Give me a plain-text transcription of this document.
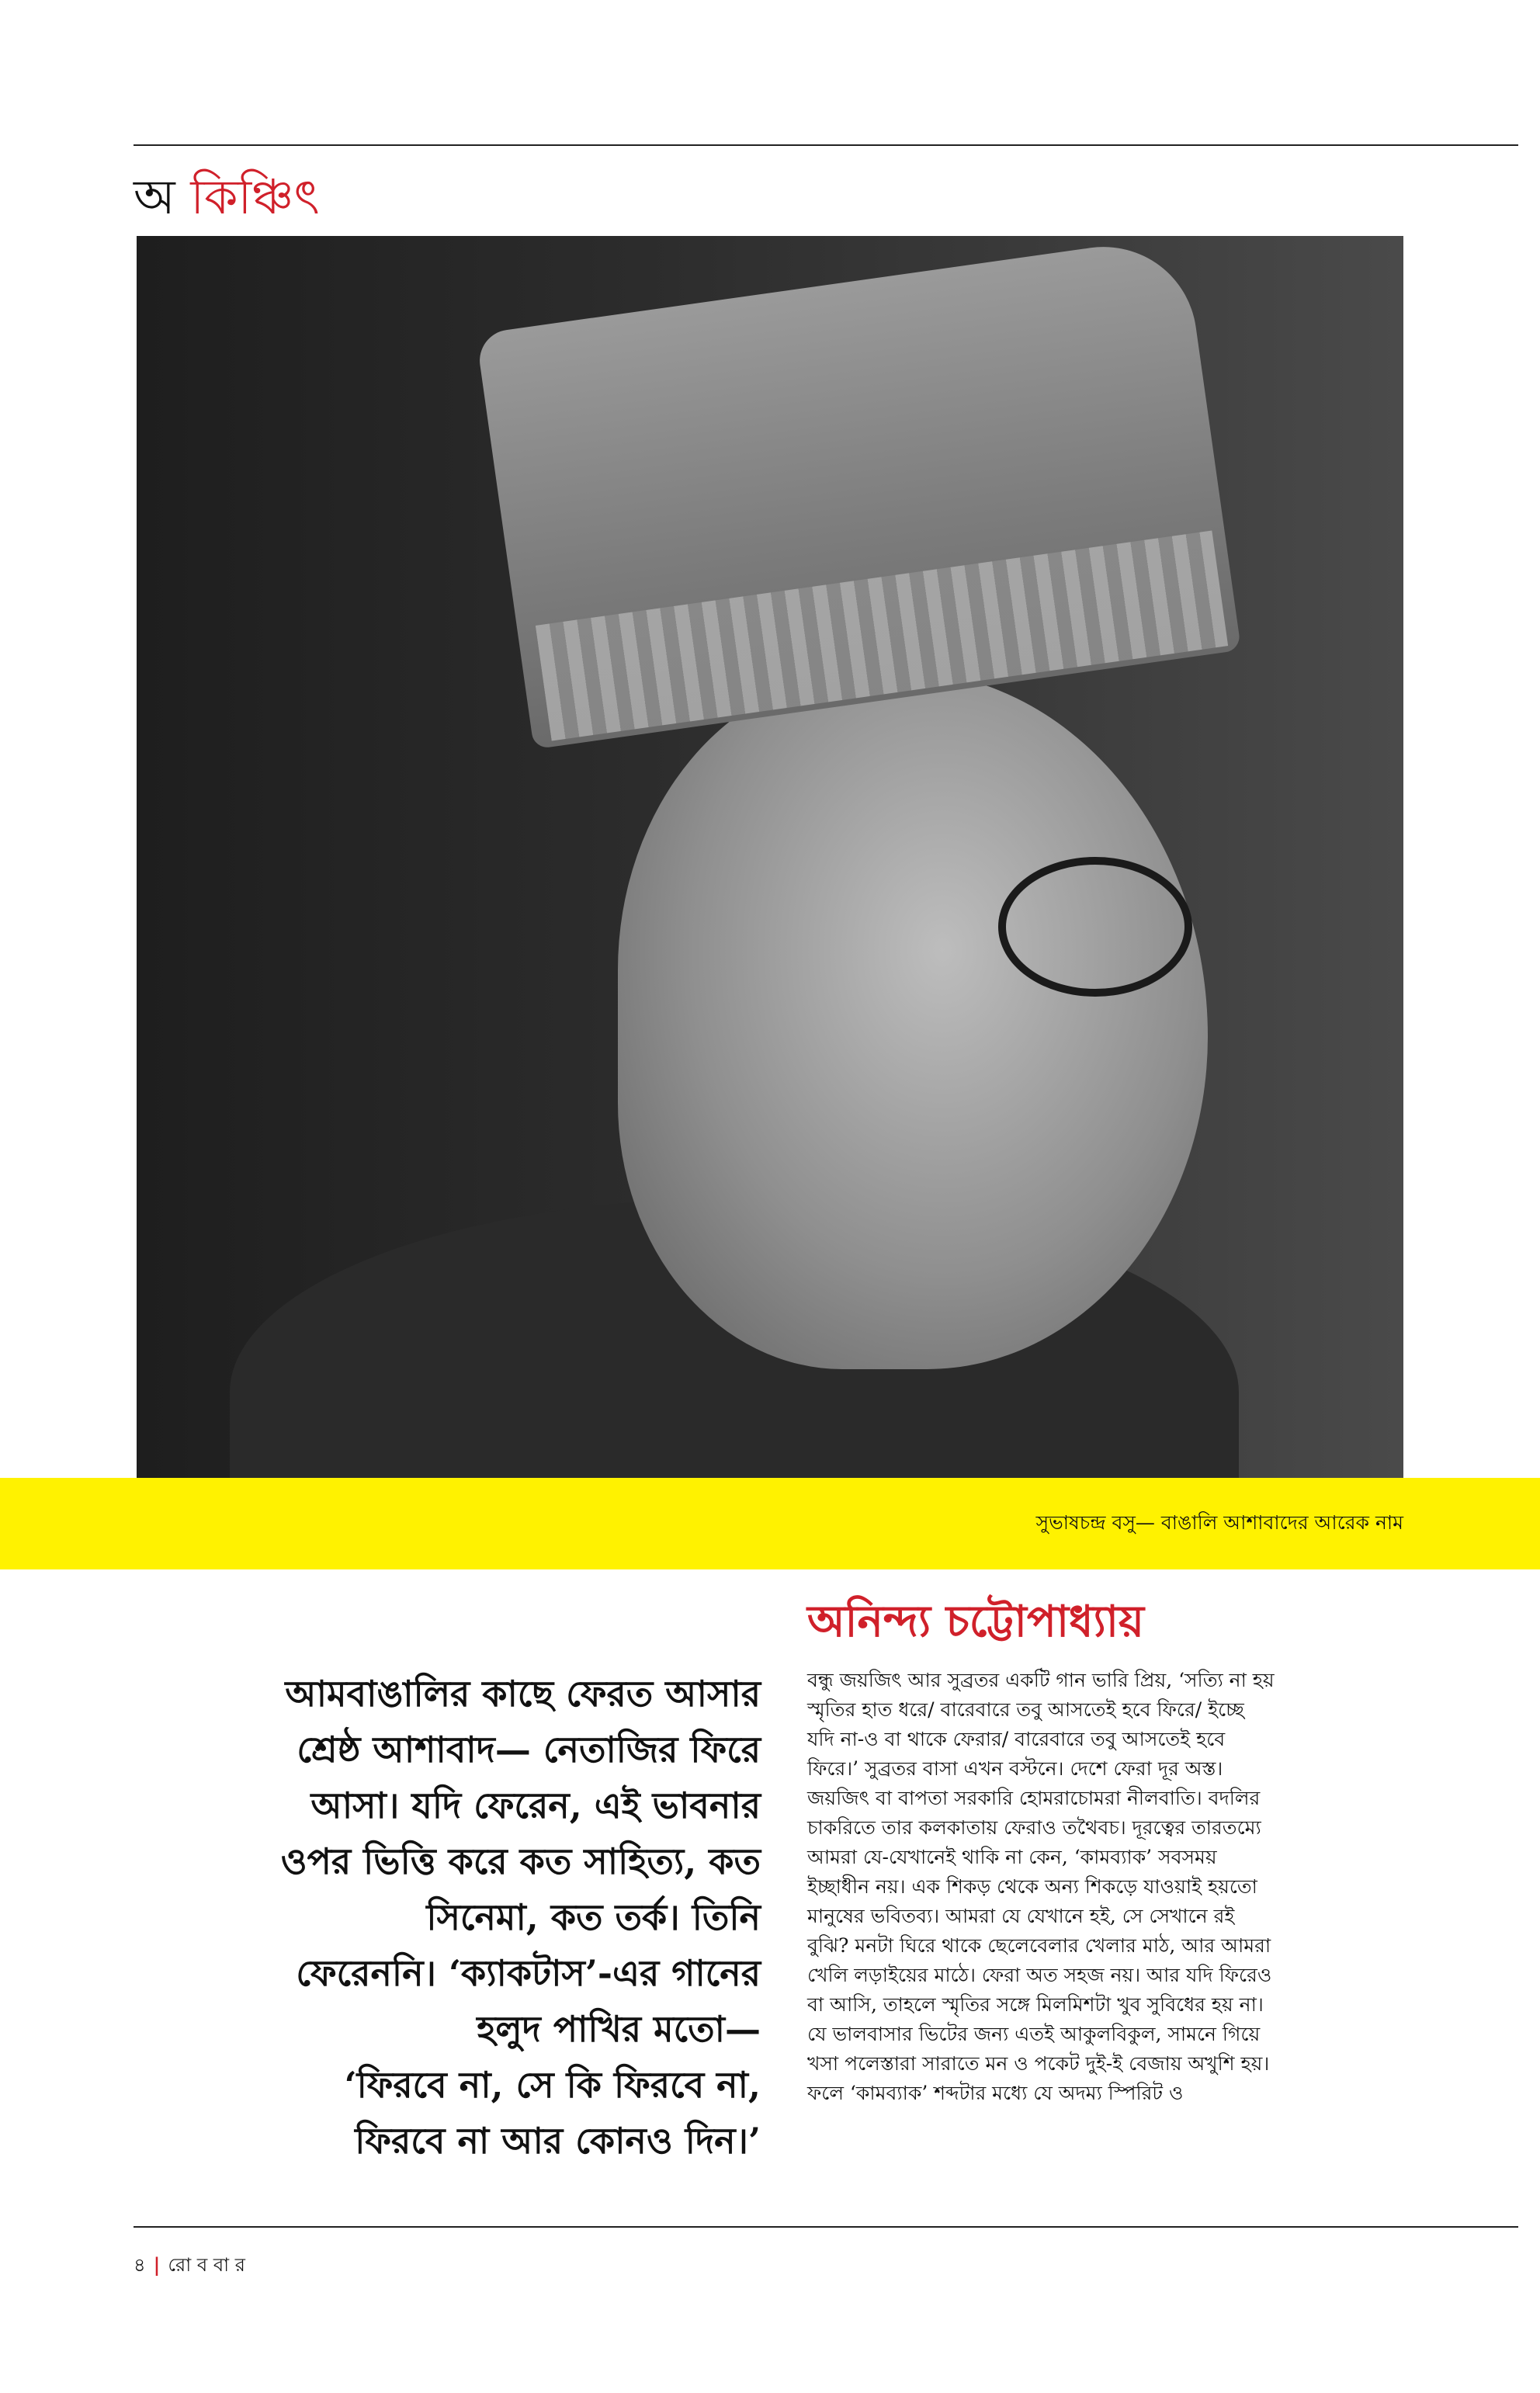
অ কিঞ্চিৎ
সুভাষচন্দ্র বসু— বাঙালি আশাবাদের আরেক নাম
অনিন্দ্য চট্টোপাধ্যায়
আমবাঙালির কাছে ফেরত আসার
শ্রেষ্ঠ আশাবাদ— নেতাজির ফিরে
আসা। যদি ফেরেন, এই ভাবনার
ওপর ভিত্তি করে কত সাহিত্য, কত
সিনেমা, কত তর্ক। তিনি
ফেরেননি। ‘ক্যাকটাস’-এর গানের
হলুদ পাখির মতো—
‘ফিরবে না, সে কি ফিরবে না,
ফিরবে না আর কোনও দিন।’
বন্ধু জয়জিৎ আর সুব্রতর একটি গান ভারি প্রিয়, ‘সত্যি না হয়
স্মৃতির হাত ধরে/ বারেবারে তবু আসতেই হবে ফিরে/ ইচ্ছে
যদি না-ও বা থাকে ফেরার/ বারেবারে তবু আসতেই হবে
ফিরে।’ সুব্রতর বাসা এখন বস্টনে। দেশে ফেরা দূর অস্ত।
জয়জিৎ বা বাপতা সরকারি হোমরাচোমরা নীলবাতি। বদলির
চাকরিতে তার কলকাতায় ফেরাও তথৈবচ। দূরত্বের তারতম্যে
আমরা যে-যেখানেই থাকি না কেন, ‘কামব্যাক’ সবসময়
ইচ্ছাধীন নয়। এক শিকড় থেকে অন্য শিকড়ে যাওয়াই হয়তো
মানুষের ভবিতব্য। আমরা যে যেখানে হই, সে সেখানে রই
বুঝি? মনটা ঘিরে থাকে ছেলেবেলার খেলার মাঠ, আর আমরা
খেলি লড়াইয়ের মাঠে। ফেরা অত সহজ নয়। আর যদি ফিরেও
বা আসি, তাহলে স্মৃতির সঙ্গে মিলমিশটা খুব সুবিধের হয় না।
যে ভালবাসার ভিটের জন্য এতই আকুলবিকুল, সামনে গিয়ে
খসা পলেস্তারা সারাতে মন ও পকেট দুই-ই বেজায় অখুশি হয়।
ফলে ‘কামব্যাক’ শব্দটার মধ্যে যে অদম্য স্পিরিট ও
৪ | রো ব বা র
